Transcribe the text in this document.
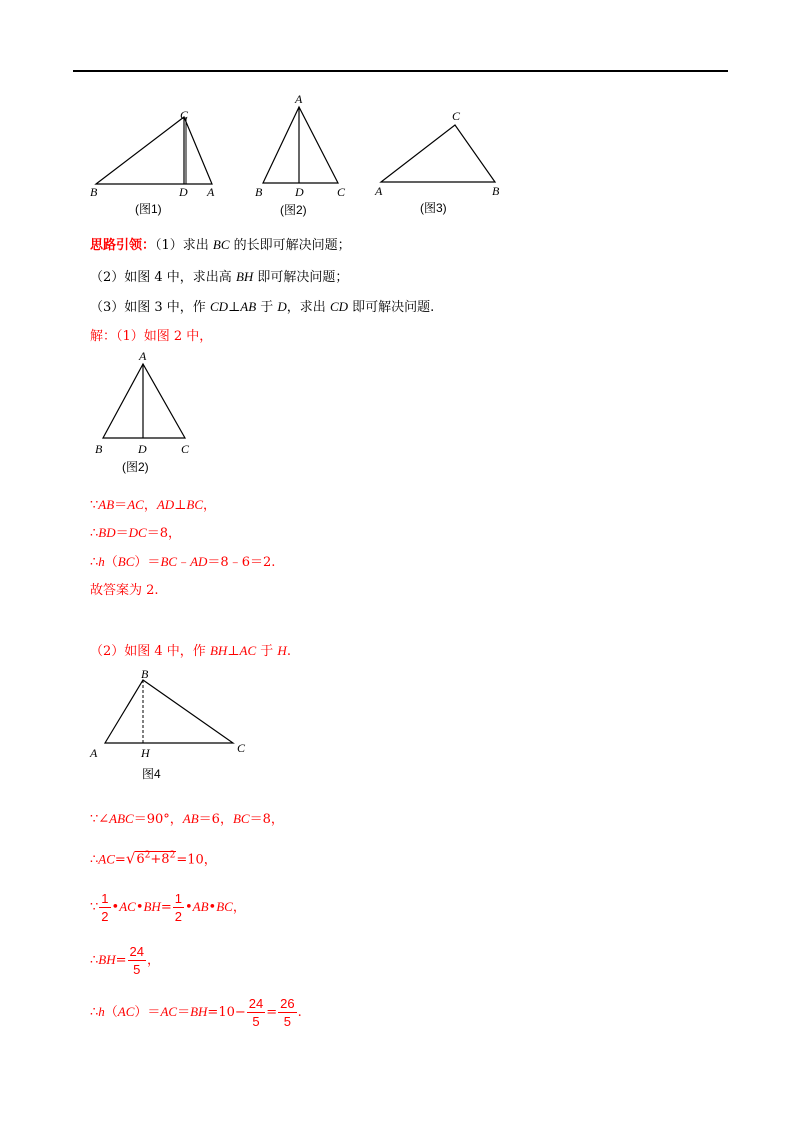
C
B	D A
(图1)
A
B	D	C
(图2)
C
A	B
(图3)
思路引领：（1）求出 BC 的长即可解决问题；
（2）如图 4 中，求出高 BH 即可解决问题；
（3）如图 3 中，作 CD⊥AB 于 D，求出 CD 即可解决问题.
解：（1）如图 2 中，
A
B	D	C
(图2)
∵AB＝AC，AD⊥BC，
∴BD＝DC＝8，
∴h（BC）＝BC﹣AD＝8﹣6＝2.
故答案为 2.
（2）如图 4 中，作 BH⊥AC 于 H.
B
A	H	C
图4
∵∠ABC＝90°，AB＝6，BC＝8，
$\therefore AC=√6^2+8^2=10$，
∵ $\frac{1}{2}$ •AC•BH= $\frac{1}{2}$ •AB•BC，
∴BH= $\frac{24}{5}$ ，
∴h（AC）＝AC＝BH=10− $\frac{24}{5} = \frac{26}{5}$ .
